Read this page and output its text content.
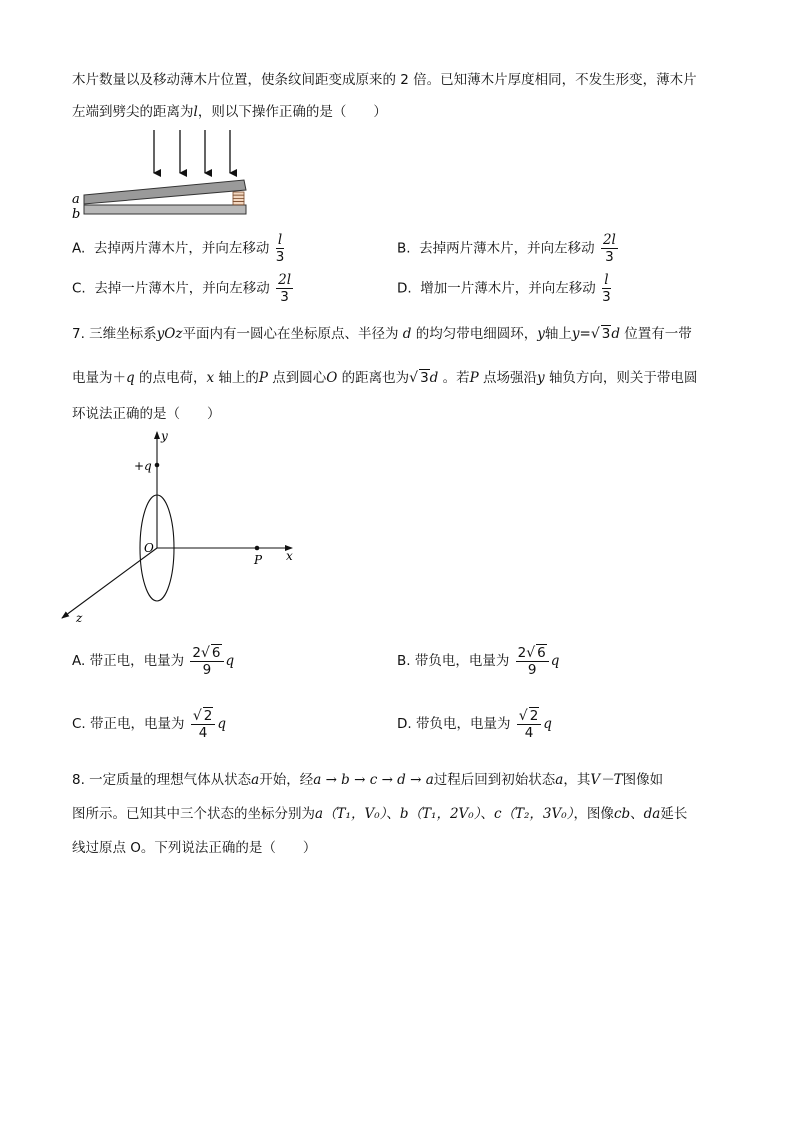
木片数量以及移动薄木片位置，使条纹间距变成原来的 2 倍。已知薄木片厚度相同，不发生形变，薄木片
左端到劈尖的距离为l，则以下操作正确的是（　　）
a
b
A. 去掉两片薄木片，并向左移动 $\frac{l}{3}$	B. 去掉两片薄木片，并向左移动 $\frac{2l}{3}$
C. 去掉一片薄木片，并向左移动 $\frac{2l}{3}$	D. 增加一片薄木片，并向左移动 $\frac{l}{3}$
7. 三维坐标系yOz平面内有一圆心在坐标原点、半径为 d 的均匀带电细圆环，y轴上y=√ 3d 位置有一带
电量为＋q 的点电荷，x 轴上的P 点到圆心O 的距离也为√ 3d 。若P 点场强沿y 轴负方向，则关于带电圆
环说法正确的是（　　）
y
+q
O
P x
z
A. 带正电，电量为 $\frac{2√ 6}{9}$ q	B. 带负电，电量为 $\frac{2√ 6}{9}$ q
C. 带正电，电量为 $\frac{√ 2}{4}$ q	D. 带负电，电量为 $\frac{√ 2}{4}$ q
8. 一定质量的理想气体从状态a开始，经a → b → c → d → a过程后回到初始状态a，其V－T图像如
图所示。已知其中三个状态的坐标分别为a（T₁，V₀）、b（T₁，2V₀）、c（T₂，3V₀），图像cb、da延长
线过原点 O。下列说法正确的是（　　）
